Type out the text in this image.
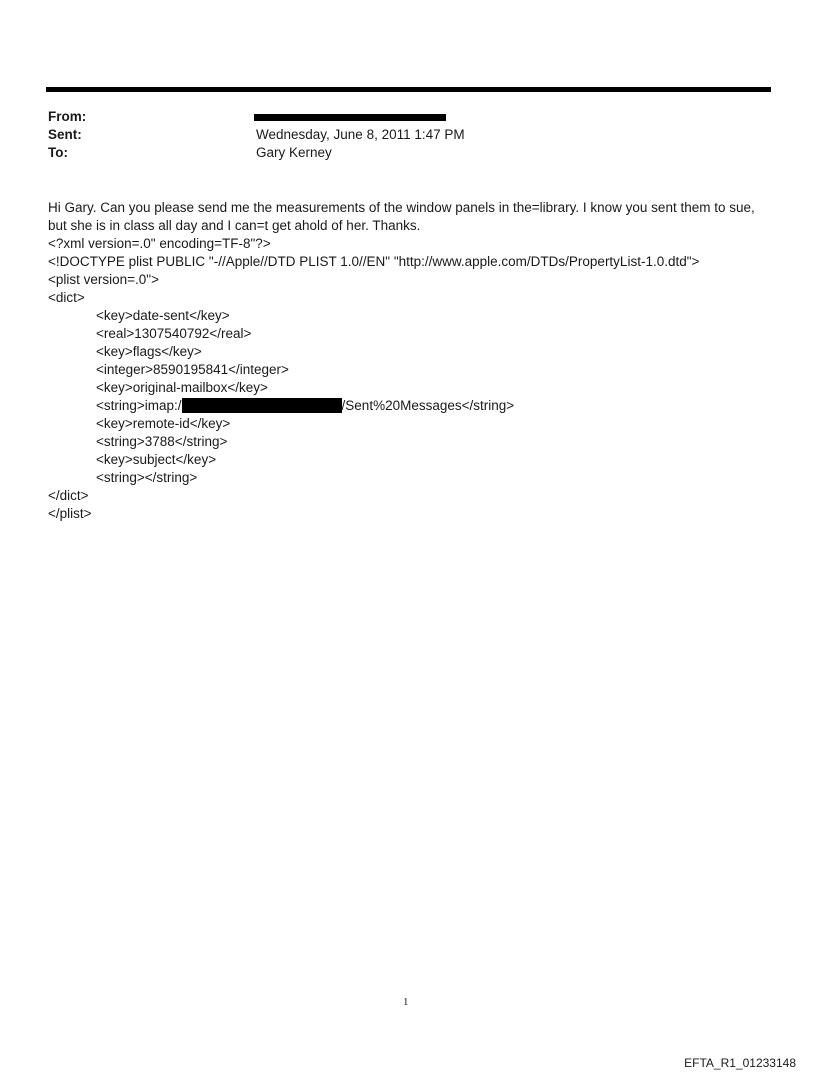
From:
Sent:	Wednesday, June 8, 2011 1:47 PM
To:	Gary Kerney
Hi Gary. Can you please send me the measurements of the window panels in the=library. I know you sent them to sue,
but she is in class all day and I can=t get ahold of her. Thanks.
<?xml version=.0" encoding=TF-8"?>
<!DOCTYPE plist PUBLIC "-//Apple//DTD PLIST 1.0//EN" "http://www.apple.com/DTDs/PropertyList-1.0.dtd">
<plist version=.0">
<dict>
<key>date-sent</key>
<real>1307540792</real>
<key>flags</key>
<integer>8590195841</integer>
<key>original-mailbox</key>
<string>imap:/	/Sent%20Messages</string>
<key>remote-id</key>
<string>3788</string>
<key>subject</key>
<string></string>
</dict>
</plist>
1
EFTA_R1_01233148
